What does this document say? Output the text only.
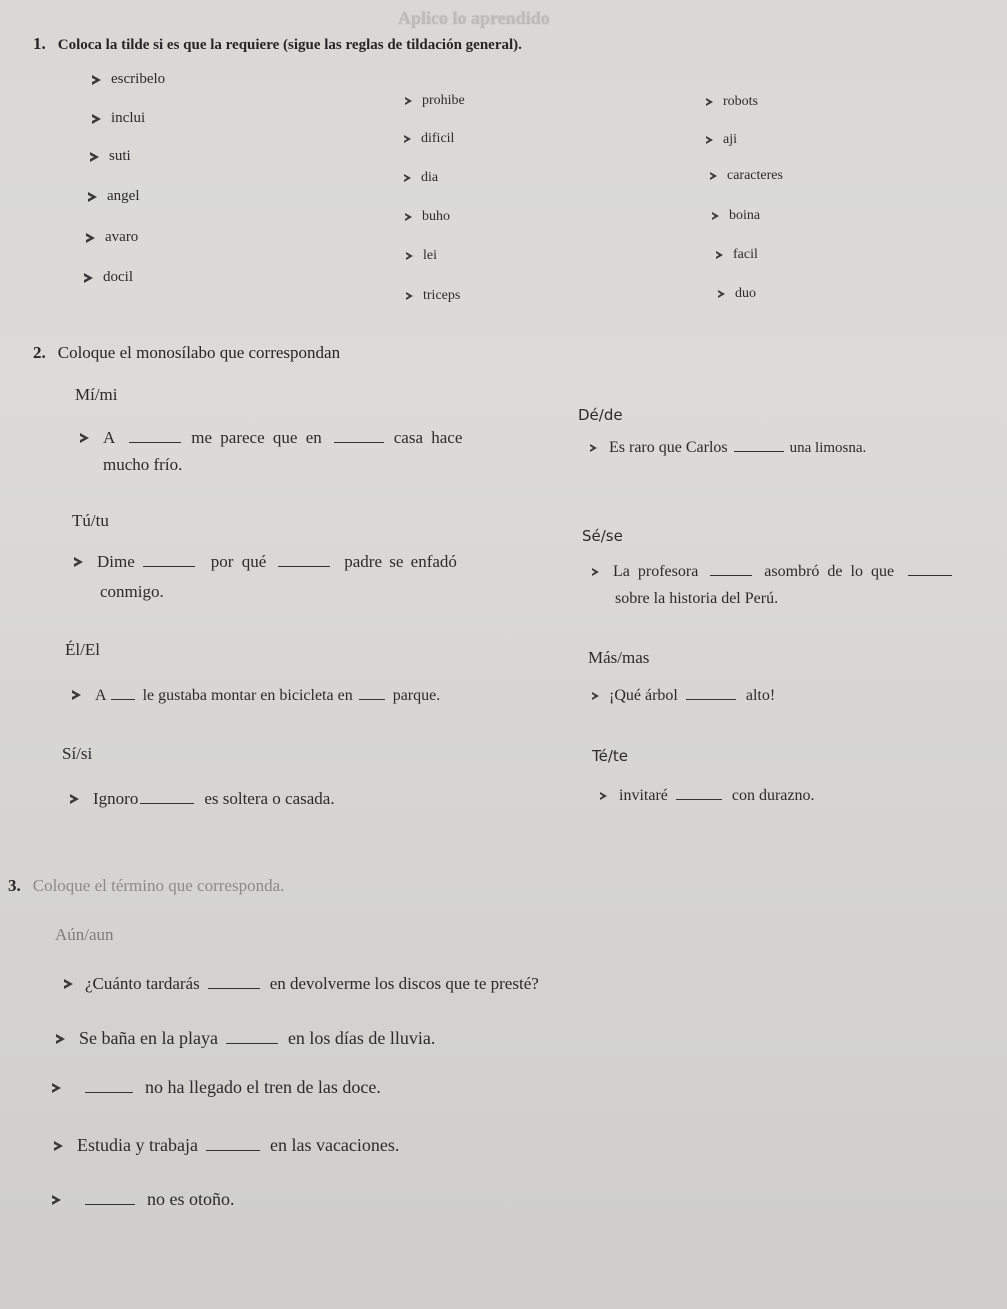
Aplico lo aprendido
1. Coloca la tilde si es que la requiere (sigue las reglas de tildación general).
escribelo
inclui
suti
angel
avaro
docil
prohibe
dificil
dia
buho
lei
triceps
robots
aji
caracteres
boina
facil
duo
2. Coloque el monosílabo que correspondan
Mí/mi
A	me parece que en	casa hace
mucho frío.
Dé/de
Es raro que Carlos	una limosna.
Tú/tu
Dime	por qué	padre se enfadó
conmigo.
Sé/se
La profesora	asombró de lo que
sobre la historia del Perú.
Él/El
A le gustaba montar en bicicleta en	parque.
Más/mas
¡Qué árbol	alto!
Sí/si
Ignoro	es soltera o casada.
Té/te
invitaré	con durazno.
3. Coloque el término que corresponda.
Aún/aun
¿Cuánto tardarás	en devolverme los discos que te presté?
Se baña en la playa	en los días de lluvia.
no ha llegado el tren de las doce.
Estudia y trabaja	en las vacaciones.
no es otoño.
